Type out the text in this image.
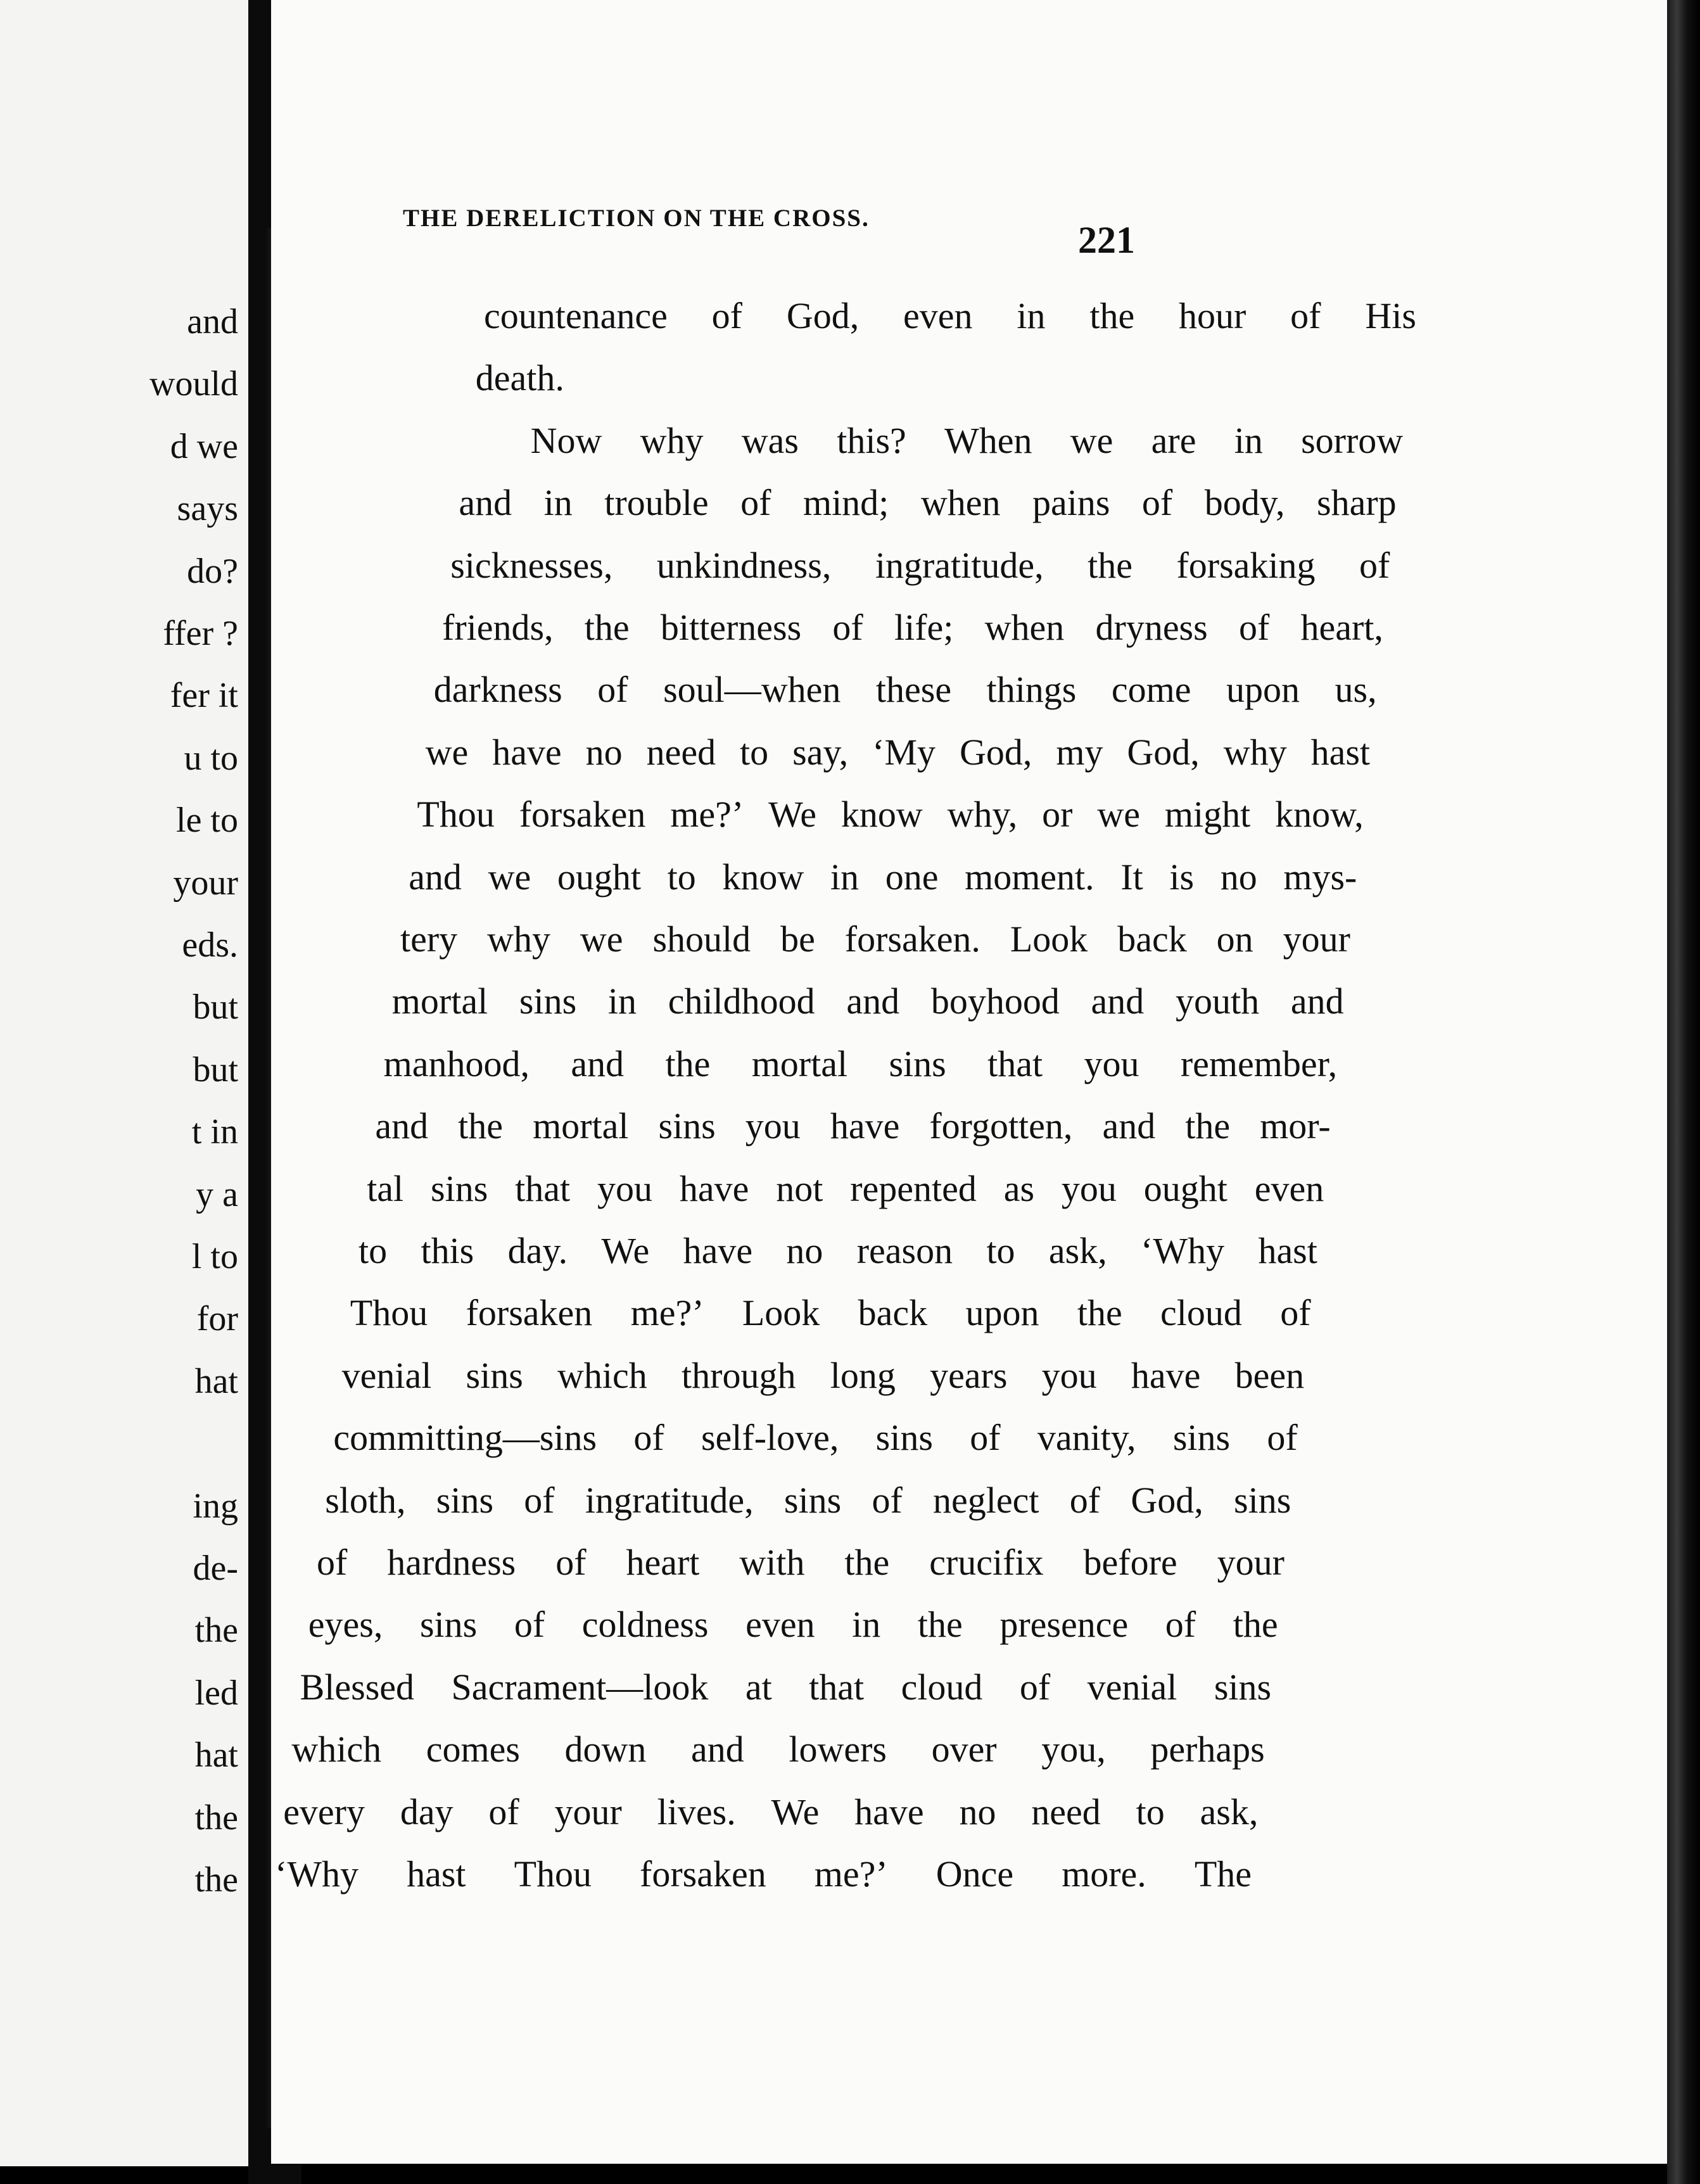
and
would
d we
says
do?
ffer ?
fer it
u to
le to
your
eds.
but
but
t in
y a
l to
for
hat
ing
de-
the
led
hat
the
the
THE DERELICTION ON THE CROSS.
221
countenance of God, even in the hour of His
death.
Now why was this? When we are in sorrow
and in trouble of mind; when pains of body, sharp
sicknesses, unkindness, ingratitude, the forsaking of
friends, the bitterness of life; when dryness of heart,
darkness of soul—when these things come upon us,
we have no need to say, ‘My God, my God, why hast
Thou forsaken me?’ We know why, or we might know,
and we ought to know in one moment. It is no mys-
tery why we should be forsaken. Look back on your
mortal sins in childhood and boyhood and youth and
manhood, and the mortal sins that you remember,
and the mortal sins you have forgotten, and the mor-
tal sins that you have not repented as you ought even
to this day. We have no reason to ask, ‘Why hast
Thou forsaken me?’ Look back upon the cloud of
venial sins which through long years you have been
committing—sins of self-love, sins of vanity, sins of
sloth, sins of ingratitude, sins of neglect of God, sins
of hardness of heart with the crucifix before your
eyes, sins of coldness even in the presence of the
Blessed Sacrament—look at that cloud of venial sins
which comes down and lowers over you, perhaps
every day of your lives. We have no need to ask,
‘Why hast Thou forsaken me?’ Once more. The
